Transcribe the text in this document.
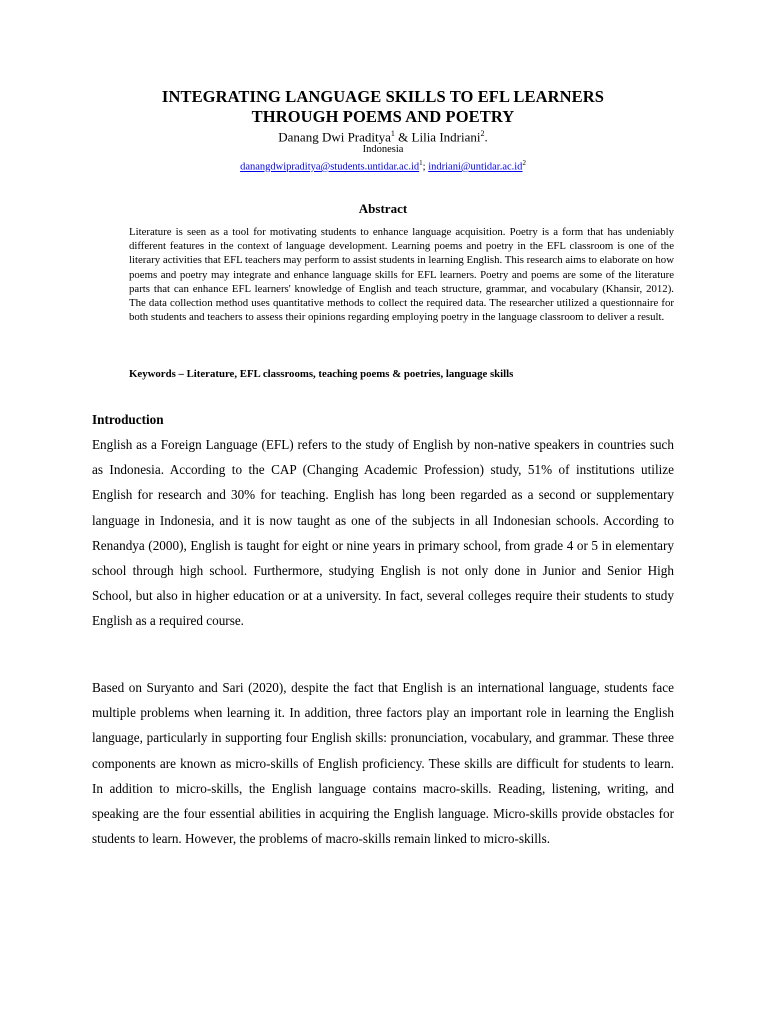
INTEGRATING LANGUAGE SKILLS TO EFL LEARNERS
THROUGH POEMS AND POETRY
Danang Dwi Praditya$^1$ & Lilia Indriani$^2$.
Indonesia
$danangdwipraditya@students.untidar.ac.id^1$; $indriani@untidar.ac.id^2$
Abstract

Literature is seen as a tool for motivating students to enhance language acquisition. Poetry is a form that has undeniably different features in the context of language development. Learning poems and poetry in the EFL classroom is one of the literary activities that EFL teachers may perform to assist students in learning English. This research aims to elaborate on how poems and poetry may integrate and enhance language skills for EFL learners. Poetry and poems are some of the literature parts that can enhance EFL learners' knowledge of English and teach structure, grammar, and vocabulary (Khansir, 2012). The data collection method uses quantitative methods to collect the required data. The researcher utilized a questionnaire for both students and teachers to assess their opinions regarding employing poetry in the language classroom to deliver a result.

Keywords – Literature, EFL classrooms, teaching poems & poetries, language skills
Introduction

English as a Foreign Language (EFL) refers to the study of English by non-native speakers in countries such as Indonesia. According to the CAP (Changing Academic Profession) study, 51% of institutions utilize English for research and 30% for teaching. English has long been regarded as a second or supplementary language in Indonesia, and it is now taught as one of the subjects in all Indonesian schools. According to Renandya (2000), English is taught for eight or nine years in primary school, from grade 4 or 5 in elementary school through high school. Furthermore, studying English is not only done in Junior and Senior High School, but also in higher education or at a university. In fact, several colleges require their students to study English as a required course.

Based on Suryanto and Sari (2020), despite the fact that English is an international language, students face multiple problems when learning it. In addition, three factors play an important role in learning the English language, particularly in supporting four English skills: pronunciation, vocabulary, and grammar. These three components are known as micro-skills of English proficiency. These skills are difficult for students to learn. In addition to micro-skills, the English language contains macro-skills. Reading, listening, writing, and speaking are the four essential abilities in acquiring the English language. Micro-skills provide obstacles for students to learn. However, the problems of macro-skills remain linked to micro-skills.
